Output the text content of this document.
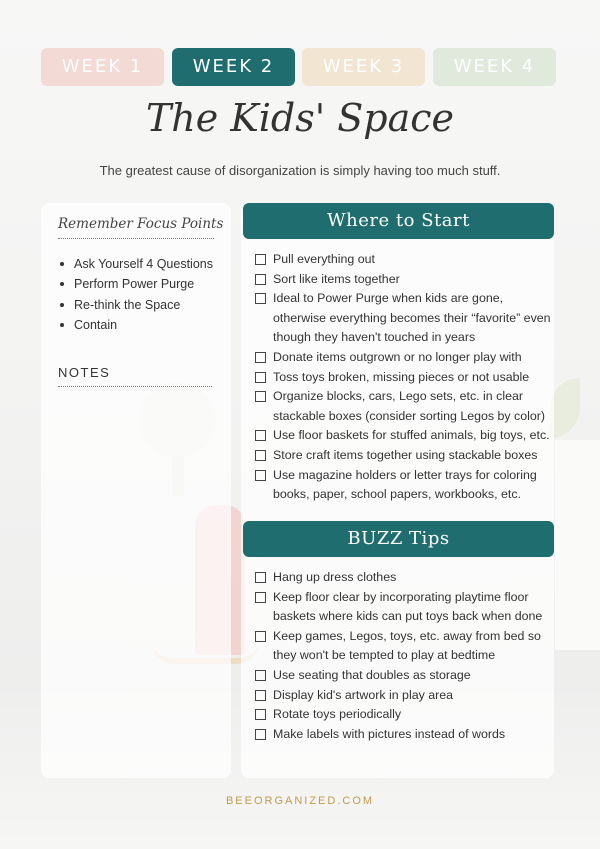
WEEK 1	WEEK 2	WEEK 3	WEEK 4
The Kids' Space
The greatest cause of disorganization is simply having too much stuff.
Remember Focus Points
Ask Yourself 4 Questions
Perform Power Purge
Re-think the Space
Contain
NOTES
Where to Start
Pull everything out
Sort like items together
Ideal to Power Purge when kids are gone, otherwise everything becomes their “favorite” even though they haven't touched in years
Donate items outgrown or no longer play with
Toss toys broken, missing pieces or not usable
Organize blocks, cars, Lego sets, etc. in clear stackable boxes (consider sorting Legos by color)
Use floor baskets for stuffed animals, big toys, etc.
Store craft items together using stackable boxes
Use magazine holders or letter trays for coloring books, paper, school papers, workbooks, etc.
BUZZ Tips
Hang up dress clothes
Keep floor clear by incorporating playtime floor baskets where kids can put toys back when done
Keep games, Legos, toys, etc. away from bed so they won't be tempted to play at bedtime
Use seating that doubles as storage
Display kid's artwork in play area
Rotate toys periodically
Make labels with pictures instead of words
BEEORGANIZED.COM
